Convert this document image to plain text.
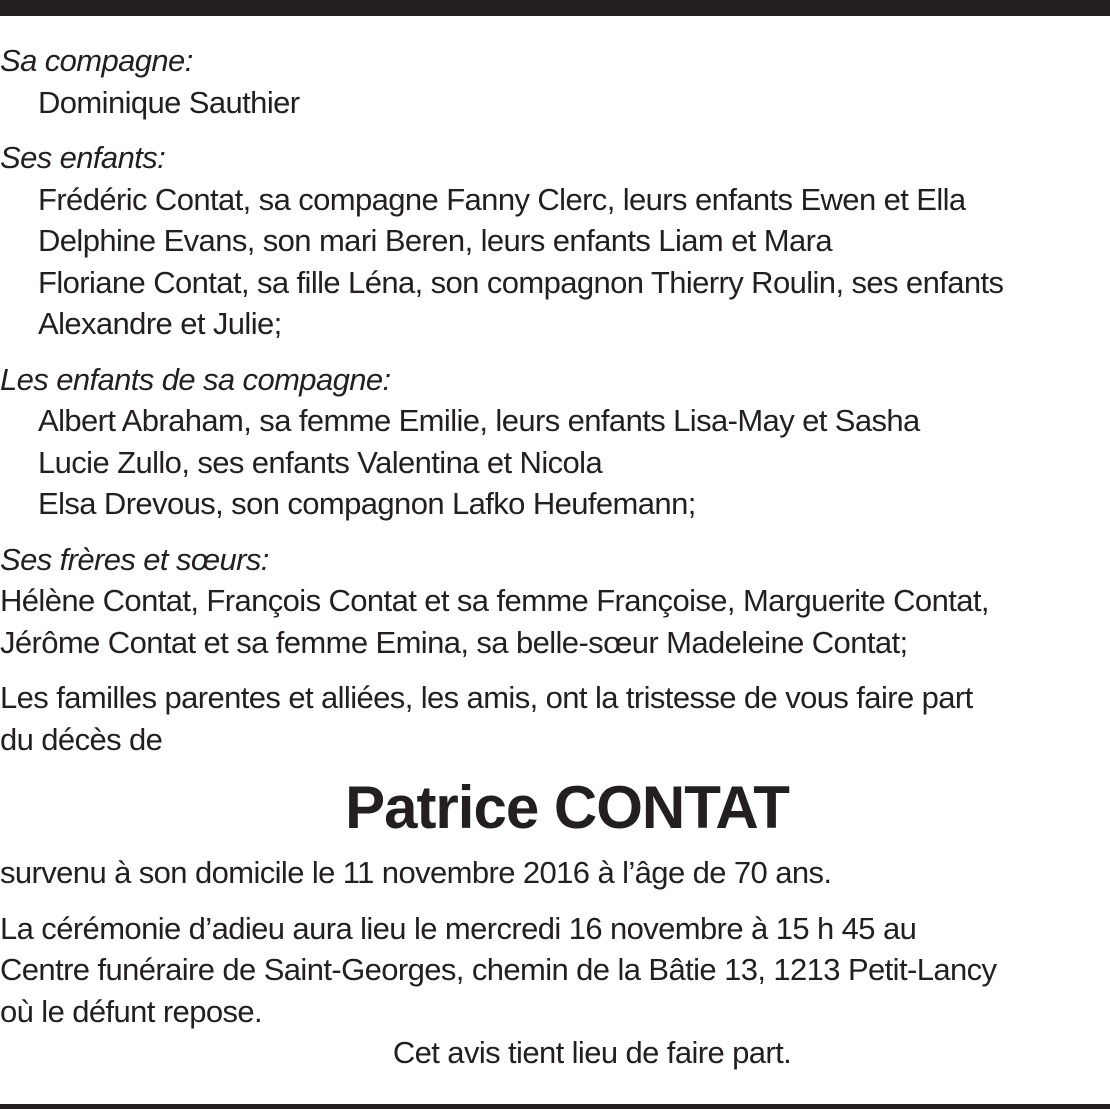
Sa compagne:
Dominique Sauthier
Ses enfants:
Frédéric Contat, sa compagne Fanny Clerc, leurs enfants Ewen et Ella
Delphine Evans, son mari Beren, leurs enfants Liam et Mara
Floriane Contat, sa fille Léna, son compagnon Thierry Roulin, ses enfants
Alexandre et Julie;
Les enfants de sa compagne:
Albert Abraham, sa femme Emilie, leurs enfants Lisa-May et Sasha
Lucie Zullo, ses enfants Valentina et Nicola
Elsa Drevous, son compagnon Lafko Heufemann;
Ses frères et sœurs:
Hélène Contat, François Contat et sa femme Françoise, Marguerite Contat,
Jérôme Contat et sa femme Emina, sa belle-sœur Madeleine Contat;
Les familles parentes et alliées, les amis, ont la tristesse de vous faire part
du décès de
Patrice CONTAT
survenu à son domicile le 11 novembre 2016 à l’âge de 70 ans.
La cérémonie d’adieu aura lieu le mercredi 16 novembre à 15 h 45 au
Centre funéraire de Saint-Georges, chemin de la Bâtie 13, 1213 Petit-Lancy
où le défunt repose.
Cet avis tient lieu de faire part.
